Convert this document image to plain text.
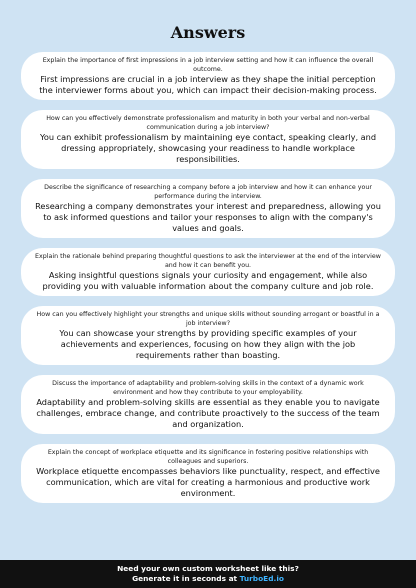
Answers

Explain the importance of first impressions in a job interview setting and how it can influence the overall outcome.

First impressions are crucial in a job interview as they shape the initial perception the interviewer forms about you, which can impact their decision-making process.

How can you effectively demonstrate professionalism and maturity in both your verbal and non-verbal communication during a job interview?

You can exhibit professionalism by maintaining eye contact, speaking clearly, and dressing appropriately, showcasing your readiness to handle workplace responsibilities.

Describe the significance of researching a company before a job interview and how it can enhance your performance during the interview.

Researching a company demonstrates your interest and preparedness, allowing you to ask informed questions and tailor your responses to align with the company's values and goals.

Explain the rationale behind preparing thoughtful questions to ask the interviewer at the end of the interview and how it can benefit you.

Asking insightful questions signals your curiosity and engagement, while also providing you with valuable information about the company culture and job role.

How can you effectively highlight your strengths and unique skills without sounding arrogant or boastful in a job interview?

You can showcase your strengths by providing specific examples of your achievements and experiences, focusing on how they align with the job requirements rather than boasting.

Discuss the importance of adaptability and problem-solving skills in the context of a dynamic work environment and how they contribute to your employability.

Adaptability and problem-solving skills are essential as they enable you to navigate challenges, embrace change, and contribute proactively to the success of the team and organization.

Explain the concept of workplace etiquette and its significance in fostering positive relationships with colleagues and superiors.

Workplace etiquette encompasses behaviors like punctuality, respect, and effective communication, which are vital for creating a harmonious and productive work environment.

Need your own custom worksheet like this?
Generate it in seconds at TurboEd.io
